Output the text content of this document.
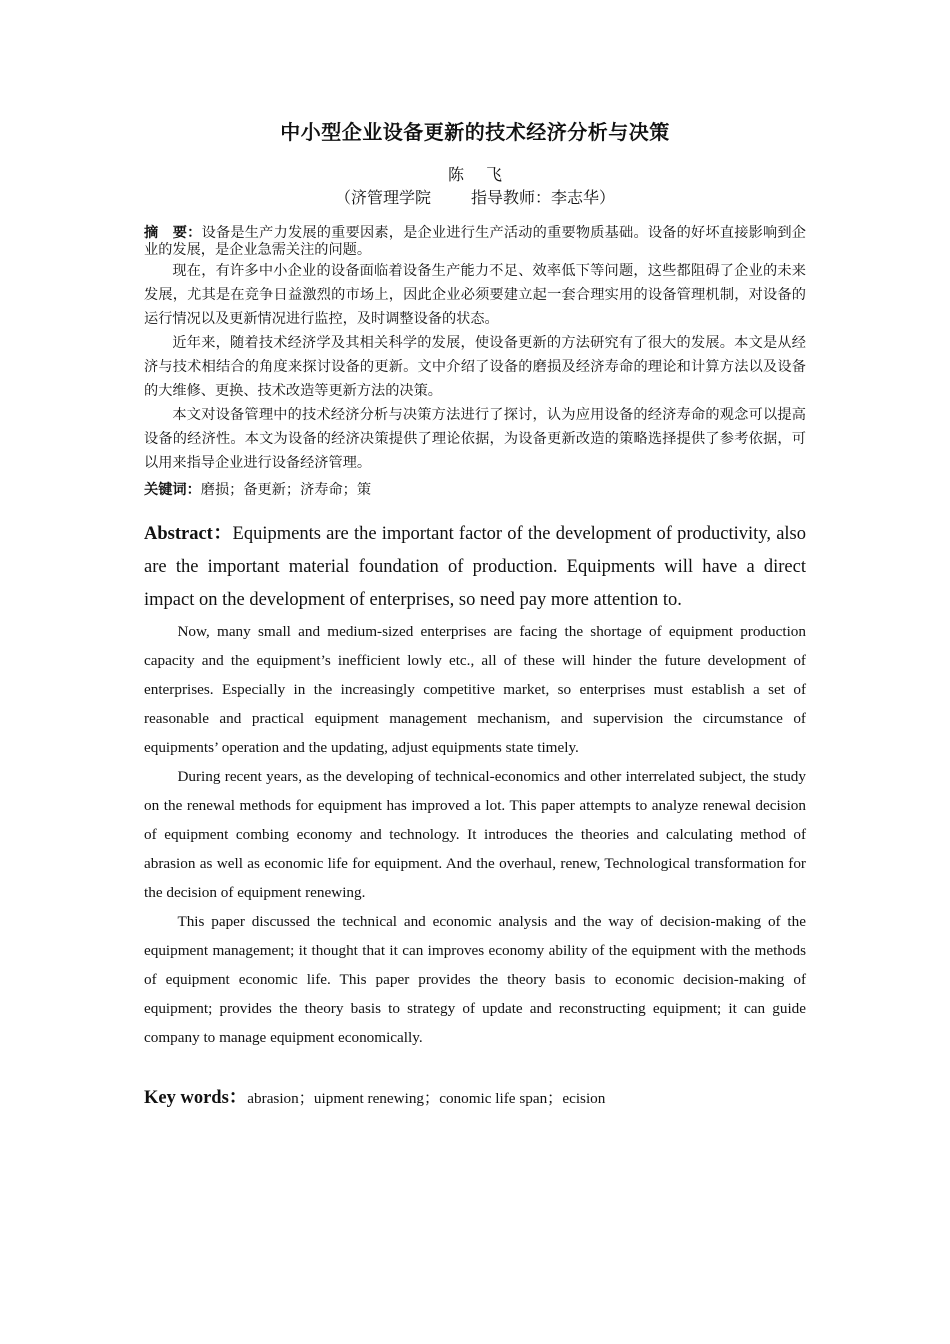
中小型企业设备更新的技术经济分析与决策
陈 飞
（济管理学院	指导教师：李志华）

摘　要：设备是生产力发展的重要因素，是企业进行生产活动的重要物质基础。设备的好坏直接影响到企业的发展，是企业急需关注的问题。

现在，有许多中小企业的设备面临着设备生产能力不足、效率低下等问题，这些都阻碍了企业的未来发展，尤其是在竞争日益激烈的市场上，因此企业必须要建立起一套合理实用的设备管理机制，对设备的运行情况以及更新情况进行监控，及时调整设备的状态。

近年来，随着技术经济学及其相关科学的发展，使设备更新的方法研究有了很大的发展。本文是从经济与技术相结合的角度来探讨设备的更新。文中介绍了设备的磨损及经济寿命的理论和计算方法以及设备的大维修、更换、技术改造等更新方法的决策。

本文对设备管理中的技术经济分析与决策方法进行了探讨，认为应用设备的经济寿命的观念可以提高设备的经济性。本文为设备的经济决策提供了理论依据，为设备更新改造的策略选择提供了参考依据，可以用来指导企业进行设备经济管理。

关键词：磨损；备更新；济寿命；策

Abstract：Equipments are the important factor of the development of productivity, also are the important material foundation of production. Equipments will have a direct impact on the development of enterprises, so need pay more attention to.

Now, many small and medium-sized enterprises are facing the shortage of equipment production capacity and the equipment’s inefficient lowly etc., all of these will hinder the future development of enterprises. Especially in the increasingly competitive market, so enterprises must establish a set of reasonable and practical equipment management mechanism, and supervision the circumstance of equipments’ operation and the updating, adjust equipments state timely.

During recent years, as the developing of technical-economics and other interrelated subject, the study on the renewal methods for equipment has improved a lot. This paper attempts to analyze renewal decision of equipment combing economy and technology. It introduces the theories and calculating method of abrasion as well as economic life for equipment. And the overhaul, renew, Technological transformation for the decision of equipment renewing.

This paper discussed the technical and economic analysis and the way of decision-making of the equipment management; it thought that it can improves economy ability of the equipment with the methods of equipment economic life. This paper provides the theory basis to economic decision-making of equipment; provides the theory basis to strategy of update and reconstructing equipment; it can guide company to manage equipment economically.

Key words：abrasion；uipment renewing；conomic life span；ecision
